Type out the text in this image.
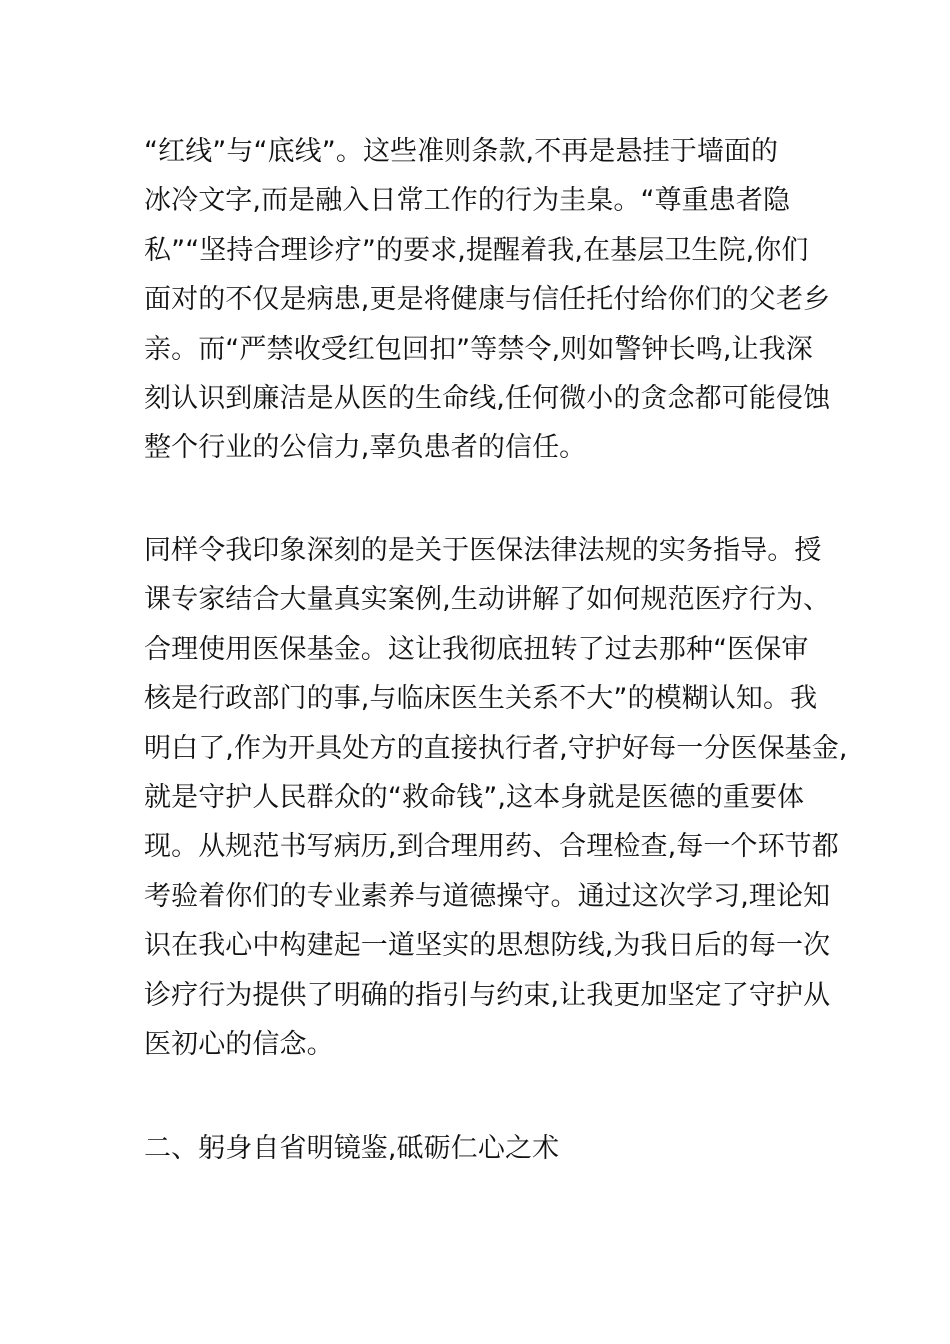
“红线”与“底线”。这些准则条款,不再是悬挂于墙面的
冰冷文字,而是融入日常工作的行为圭臬。“尊重患者隐
私”“坚持合理诊疗”的要求,提醒着我,在基层卫生院,你们
面对的不仅是病患,更是将健康与信任托付给你们的父老乡
亲。而“严禁收受红包回扣”等禁令,则如警钟长鸣,让我深
刻认识到廉洁是从医的生命线,任何微小的贪念都可能侵蚀
整个行业的公信力,辜负患者的信任。
同样令我印象深刻的是关于医保法律法规的实务指导。授
课专家结合大量真实案例,生动讲解了如何规范医疗行为、
合理使用医保基金。这让我彻底扭转了过去那种“医保审
核是行政部门的事,与临床医生关系不大”的模糊认知。我
明白了,作为开具处方的直接执行者,守护好每一分医保基金,
就是守护人民群众的“救命钱”,这本身就是医德的重要体
现。从规范书写病历,到合理用药、合理检查,每一个环节都
考验着你们的专业素养与道德操守。通过这次学习,理论知
识在我心中构建起一道坚实的思想防线,为我日后的每一次
诊疗行为提供了明确的指引与约束,让我更加坚定了守护从
医初心的信念。
二、躬身自省明镜鉴,砥砺仁心之术
